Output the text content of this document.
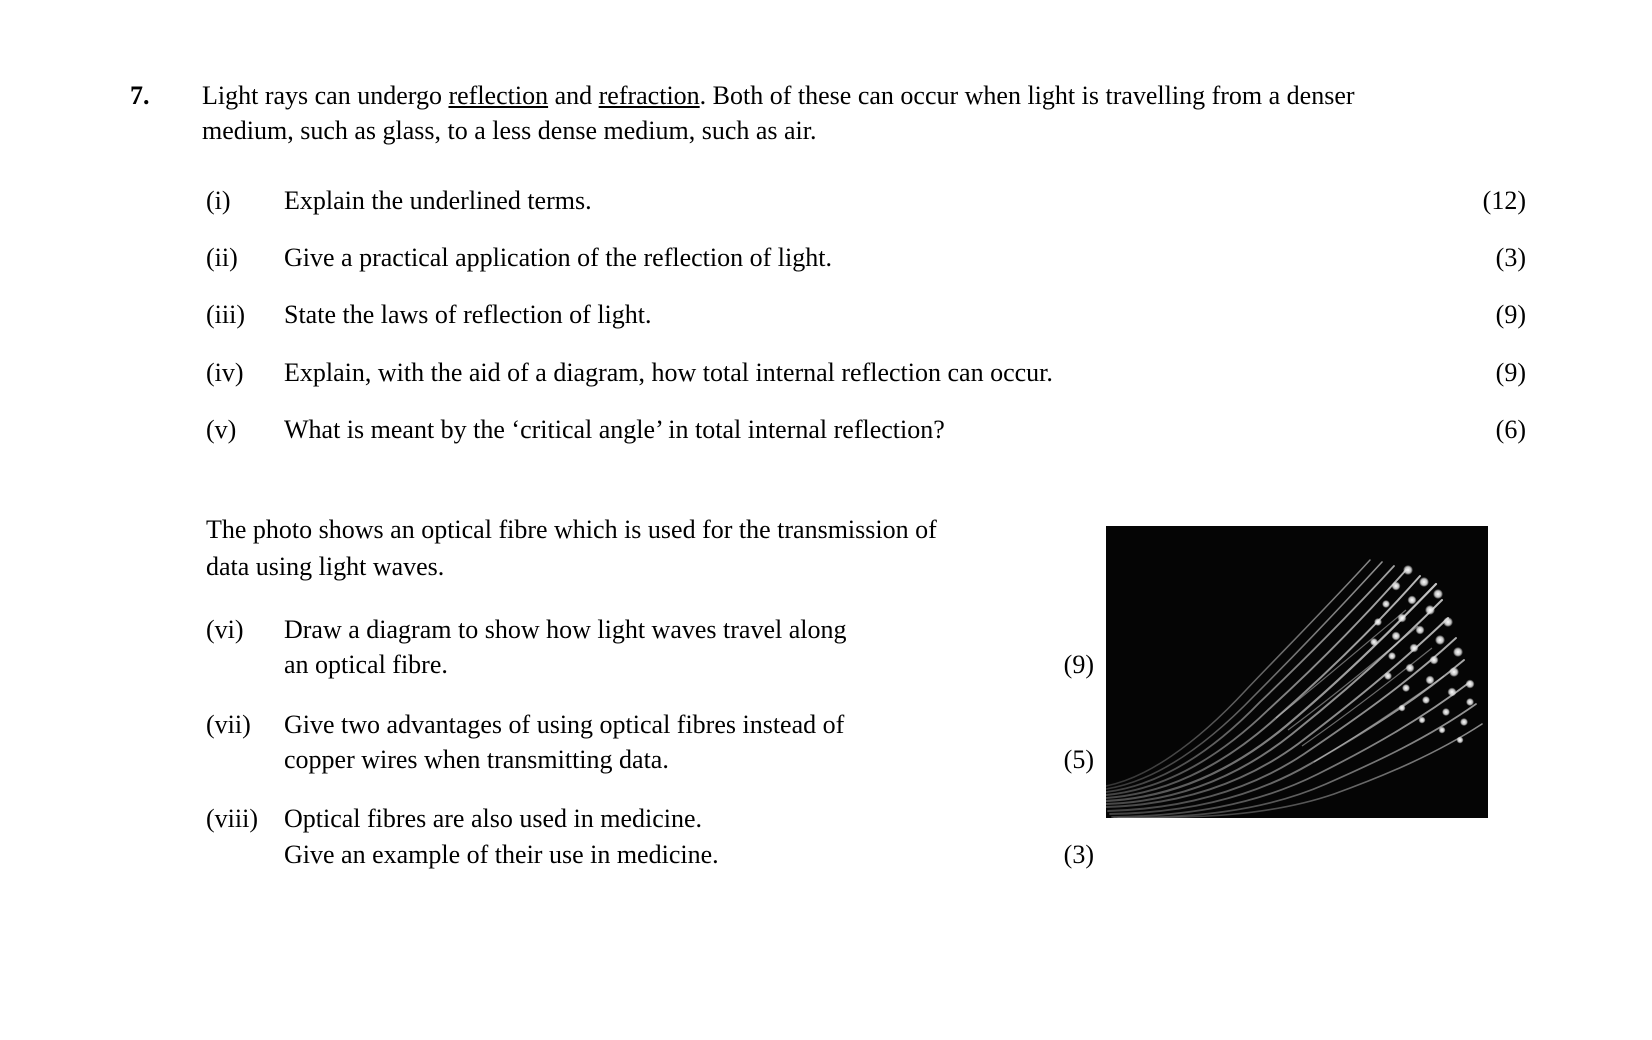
7.	Light rays can undergo reflection and refraction. Both of these can occur when light is travelling from a denser medium, such as glass, to a less dense medium, such as air.
(i)	Explain the underlined terms.	(12)
(ii)	Give a practical application of the reflection of light.	(3)
(iii)	State the laws of reflection of light.	(9)
(iv)	Explain, with the aid of a diagram, how total internal reflection can occur.	(9)
(v)	What is meant by the ‘critical angle’ in total internal reflection?	(6)
The photo shows an optical fibre which is used for the transmission of data using light waves.
(vi)	Draw a diagram to show how light waves travel along
an optical fibre.	(9)
(vii)	Give two advantages of using optical fibres instead of
copper wires when transmitting data.	(5)
(viii)	Optical fibres are also used in medicine.
Give an example of their use in medicine.	(3)
